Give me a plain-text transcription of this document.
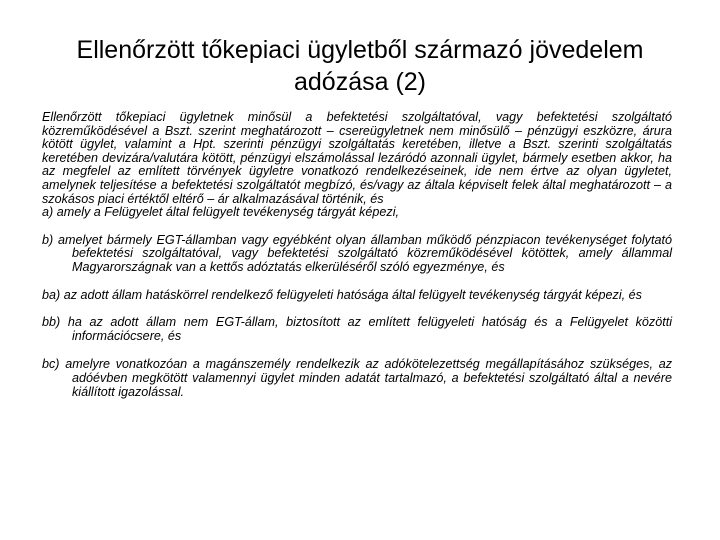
Ellenőrzött tőkepiaci ügyletből származó jövedelem
adózása (2)

Ellenőrzött tőkepiaci ügyletnek minősül a befektetési szolgáltatóval, vagy befektetési szolgáltató közreműködésével a Bszt. szerint meghatározott – csereügyletnek nem minősülő – pénzügyi eszközre, árura kötött ügylet, valamint a Hpt. szerinti pénzügyi szolgáltatás keretében, illetve a Bszt. szerinti szolgáltatás keretében devizára/valutára kötött, pénzügyi elszámolással lezáródó azonnali ügylet, bármely esetben akkor, ha az megfelel az említett törvények ügyletre vonatkozó rendelkezéseinek, ide nem értve az olyan ügyletet, amelynek teljesítése a befektetési szolgáltatót megbízó, és/vagy az általa képviselt felek által meghatározott – a szokásos piaci értéktől eltérő – ár alkalmazásával történik, és

a) amely a Felügyelet által felügyelt tevékenység tárgyát képezi,

b) amelyet bármely EGT-államban vagy egyébként olyan államban működő pénzpiacon tevékenységet folytató befektetési szolgáltatóval, vagy befektetési szolgáltató közreműködésével kötöttek, amely állammal Magyarországnak van a kettős adóztatás elkerüléséről szóló egyezménye, és

ba) az adott állam hatáskörrel rendelkező felügyeleti hatósága által felügyelt tevékenység tárgyát képezi, és

bb) ha az adott állam nem EGT-állam, biztosított az említett felügyeleti hatóság és a Felügyelet közötti információcsere, és

bc) amelyre vonatkozóan a magánszemély rendelkezik az adókötelezettség megállapításához szükséges, az adóévben megkötött valamennyi ügylet minden adatát tartalmazó, a befektetési szolgáltató által a nevére kiállított igazolással.
